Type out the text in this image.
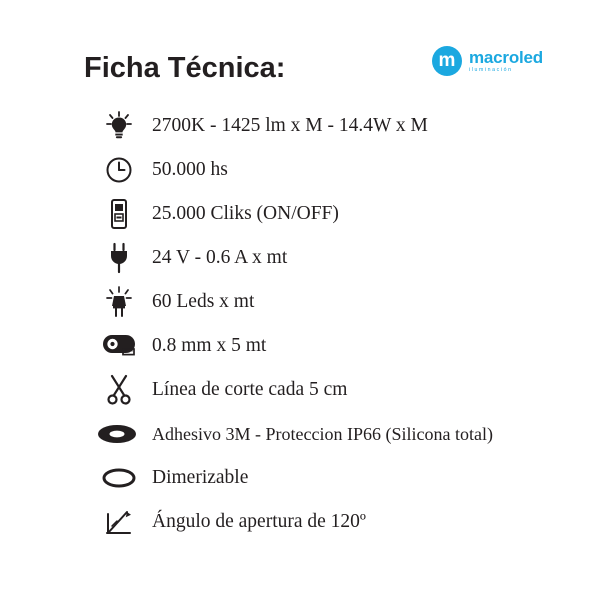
m macroled
iluminación
Ficha Técnica:
2700K - 1425 lm x M - 14.4W x M
50.000 hs
25.000 Cliks (ON/OFF)
24 V - 0.6 A x mt
60 Leds x mt
0.8 mm x 5 mt
Línea de corte cada 5 cm
Adhesivo 3M - Proteccion IP66 (Silicona total)
Dimerizable
Ángulo de apertura de 120º
